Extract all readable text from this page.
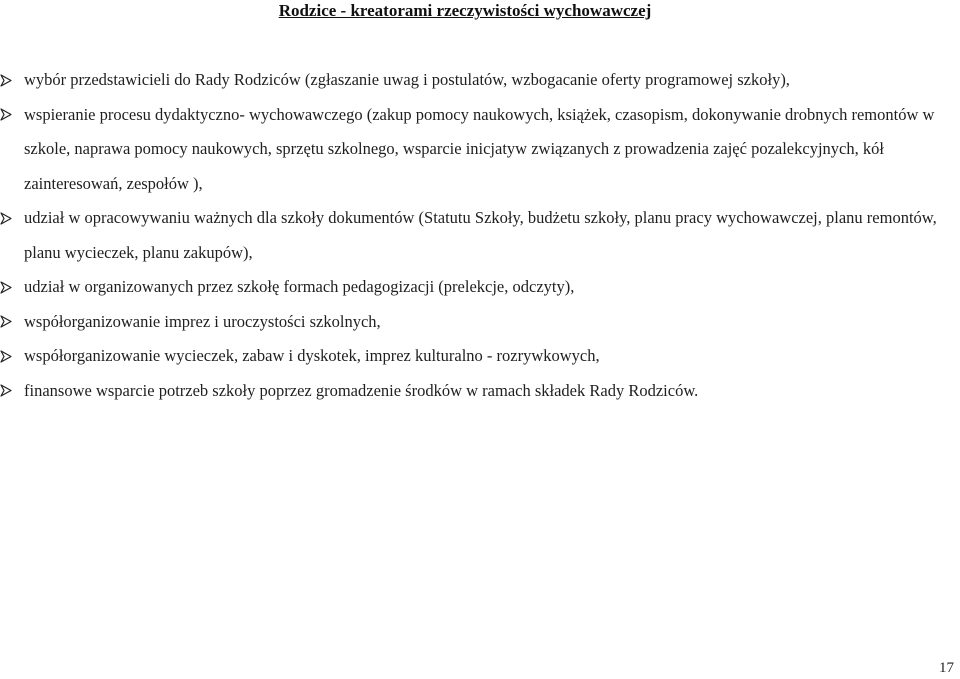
Rodzice - kreatorami rzeczywistości wychowawczej
wybór przedstawicieli do Rady Rodziców (zgłaszanie uwag i postulatów, wzbogacanie oferty programowej szkoły),
wspieranie procesu dydaktyczno- wychowawczego (zakup pomocy naukowych, książek, czasopism, dokonywanie drobnych remontów w szkole, naprawa pomocy naukowych, sprzętu szkolnego, wsparcie inicjatyw związanych z prowadzenia zajęć pozalekcyjnych, kół zainteresowań, zespołów ),
udział w opracowywaniu ważnych dla szkoły dokumentów (Statutu Szkoły, budżetu szkoły, planu pracy wychowawczej, planu remontów, planu wycieczek, planu zakupów),
udział w organizowanych przez szkołę formach pedagogizacji (prelekcje, odczyty),
współorganizowanie imprez i uroczystości szkolnych,
współorganizowanie wycieczek, zabaw i dyskotek, imprez kulturalno - rozrywkowych,
finansowe wsparcie potrzeb szkoły poprzez gromadzenie środków w ramach składek Rady Rodziców.
17
